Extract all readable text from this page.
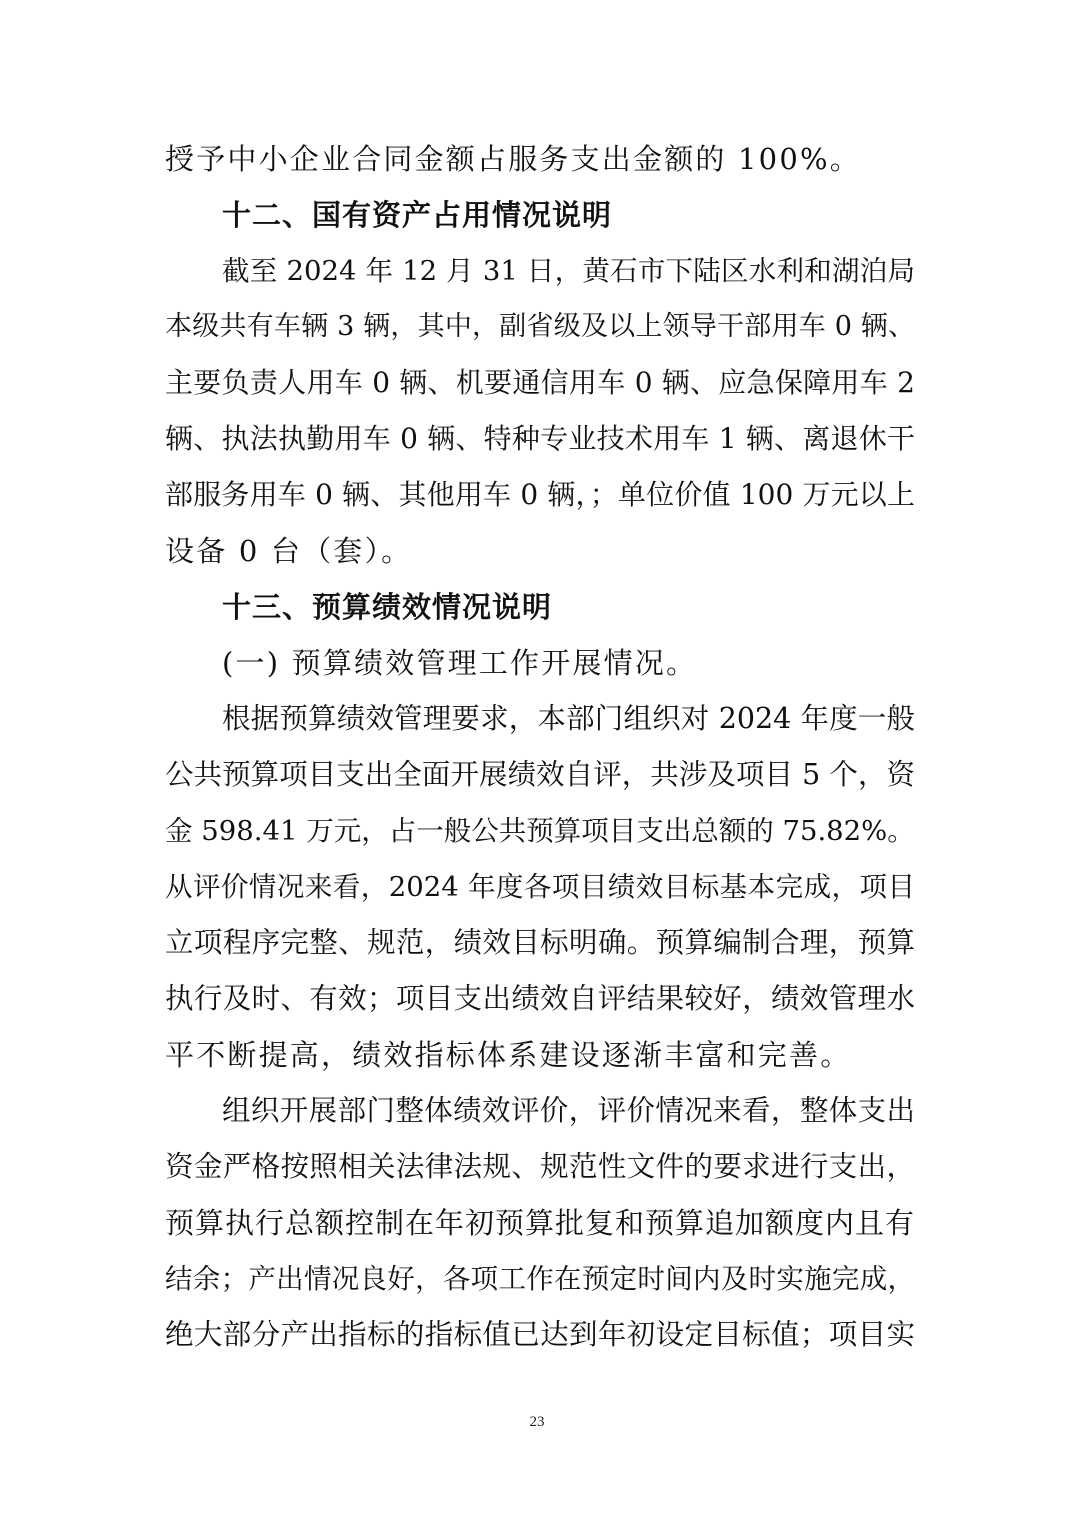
授予中小企业合同金额占服务支出金额的 100%。
十二、国有资产占用情况说明
截至 2024 年 12 月 31 日，黄石市下陆区水利和湖泊局
本级共有车辆 3 辆，其中，副省级及以上领导干部用车 0 辆、
主要负责人用车 0 辆、机要通信用车 0 辆、应急保障用车 2
辆、执法执勤用车 0 辆、特种专业技术用车 1 辆、离退休干
部服务用车 0 辆、其他用车 0 辆，；单位价值 100 万元以上
设备 0 台（套）。
十三、预算绩效情况说明
(一) 预算绩效管理工作开展情况。
根据预算绩效管理要求，本部门组织对 2024 年度一般
公共预算项目支出全面开展绩效自评，共涉及项目 5 个，资
金 598.41 万元，占一般公共预算项目支出总额的 75.82%。
从评价情况来看，2024 年度各项目绩效目标基本完成，项目
立项程序完整、规范，绩效目标明确。预算编制合理，预算
执行及时、有效；项目支出绩效自评结果较好，绩效管理水
平不断提高，绩效指标体系建设逐渐丰富和完善。
组织开展部门整体绩效评价，评价情况来看，整体支出
资金严格按照相关法律法规、规范性文件的要求进行支出，
预算执行总额控制在年初预算批复和预算追加额度内且有
结余；产出情况良好，各项工作在预定时间内及时实施完成，
绝大部分产出指标的指标值已达到年初设定目标值；项目实
23
